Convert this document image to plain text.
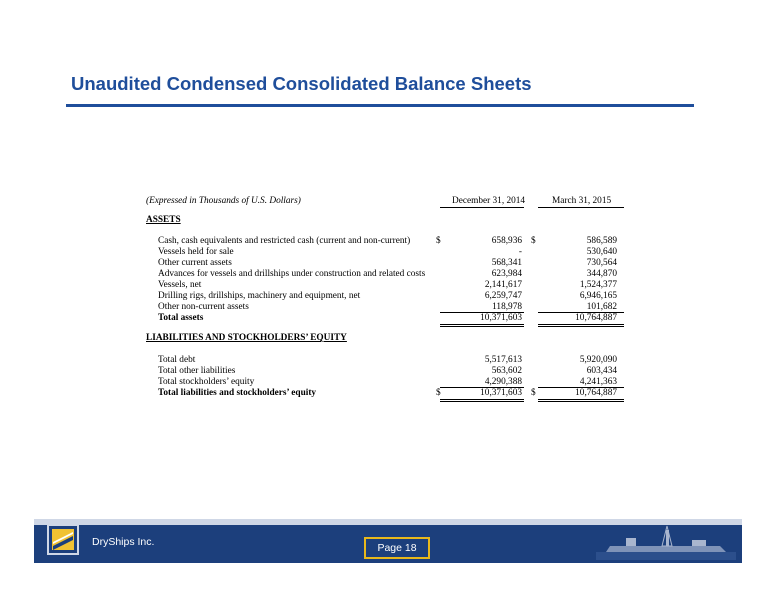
Unaudited Condensed Consolidated Balance Sheets
(Expressed in Thousands of U.S. Dollars)	December 31, 2014	March 31, 2015
ASSETS
$	$
Cash, cash equivalents and restricted cash (current and non-current)	658,936	586,589
Vessels held for sale	-	530,640
Other current assets	568,341	730,564
Advances for vessels and drillships under construction and related costs	623,984	344,870
Vessels, net	2,141,617	1,524,377
Drilling rigs, drillships, machinery and equipment, net	6,259,747	6,946,165
Other non-current assets	118,978	101,682
Total assets	10,371,603	10,764,887
LIABILITIES AND STOCKHOLDERS’ EQUITY
Total debt	5,517,613	5,920,090
Total other liabilities	563,602	603,434
Total stockholders’ equity	4,290,388	4,241,363
Total liabilities and stockholders’ equity	$	10,371,603 $	10,764,887
DryShips Inc.	Page 18
